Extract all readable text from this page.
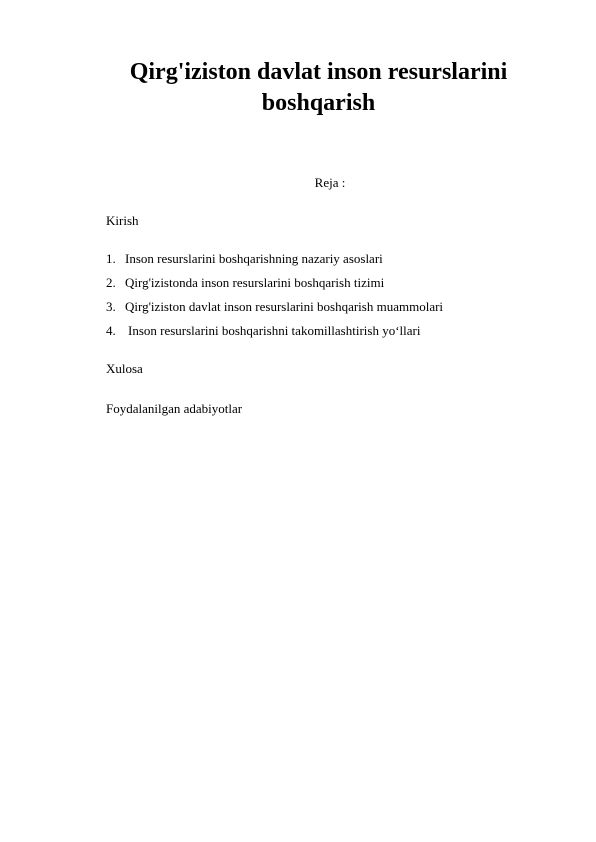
Qirg'iziston davlat inson resurslarini boshqarish
Reja :
Kirish
1. Inson resurslarini boshqarishning nazariy asoslari
2. Qirg'izistonda inson resurslarini boshqarish tizimi
3. Qirg'iziston davlat inson resurslarini boshqarish muammolari
4. Inson resurslarini boshqarishni takomillashtirish yo‘llari
Xulosa
Foydalanilgan adabiyotlar
